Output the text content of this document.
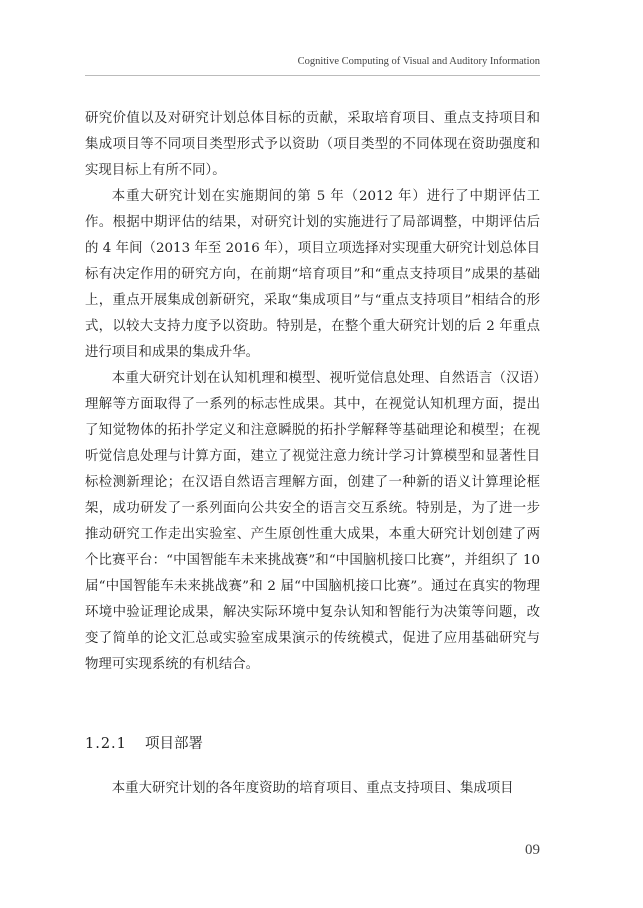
Cognitive Computing of Visual and Auditory Information

研究价值以及对研究计划总体目标的贡献，采取培育项目、重点支持项目和集成项目等不同项目类型形式予以资助（项目类型的不同体现在资助强度和实现目标上有所不同）。

本重大研究计划在实施期间的第 5 年（2012 年）进行了中期评估工作。根据中期评估的结果，对研究计划的实施进行了局部调整，中期评估后的 4 年间（2013 年至 2016 年），项目立项选择对实现重大研究计划总体目标有决定作用的研究方向，在前期“培育项目”和“重点支持项目”成果的基础上，重点开展集成创新研究，采取“集成项目”与“重点支持项目”相结合的形式，以较大支持力度予以资助。特别是，在整个重大研究计划的后 2 年重点进行项目和成果的集成升华。

本重大研究计划在认知机理和模型、视听觉信息处理、自然语言（汉语）理解等方面取得了一系列的标志性成果。其中，在视觉认知机理方面，提出了知觉物体的拓扑学定义和注意瞬脱的拓扑学解释等基础理论和模型；在视听觉信息处理与计算方面，建立了视觉注意力统计学习计算模型和显著性目标检测新理论；在汉语自然语言理解方面，创建了一种新的语义计算理论框架，成功研发了一系列面向公共安全的语言交互系统。特别是，为了进一步推动研究工作走出实验室、产生原创性重大成果，本重大研究计划创建了两个比赛平台：“中国智能车未来挑战赛”和“中国脑机接口比赛”，并组织了 10 届“中国智能车未来挑战赛”和 2 届“中国脑机接口比赛”。通过在真实的物理环境中验证理论成果，解决实际环境中复杂认知和智能行为决策等问题，改变了简单的论文汇总或实验室成果演示的传统模式，促进了应用基础研究与物理可实现系统的有机结合。

1.2.1 项目部署
本重大研究计划的各年度资助的培育项目、重点支持项目、集成项目
09
